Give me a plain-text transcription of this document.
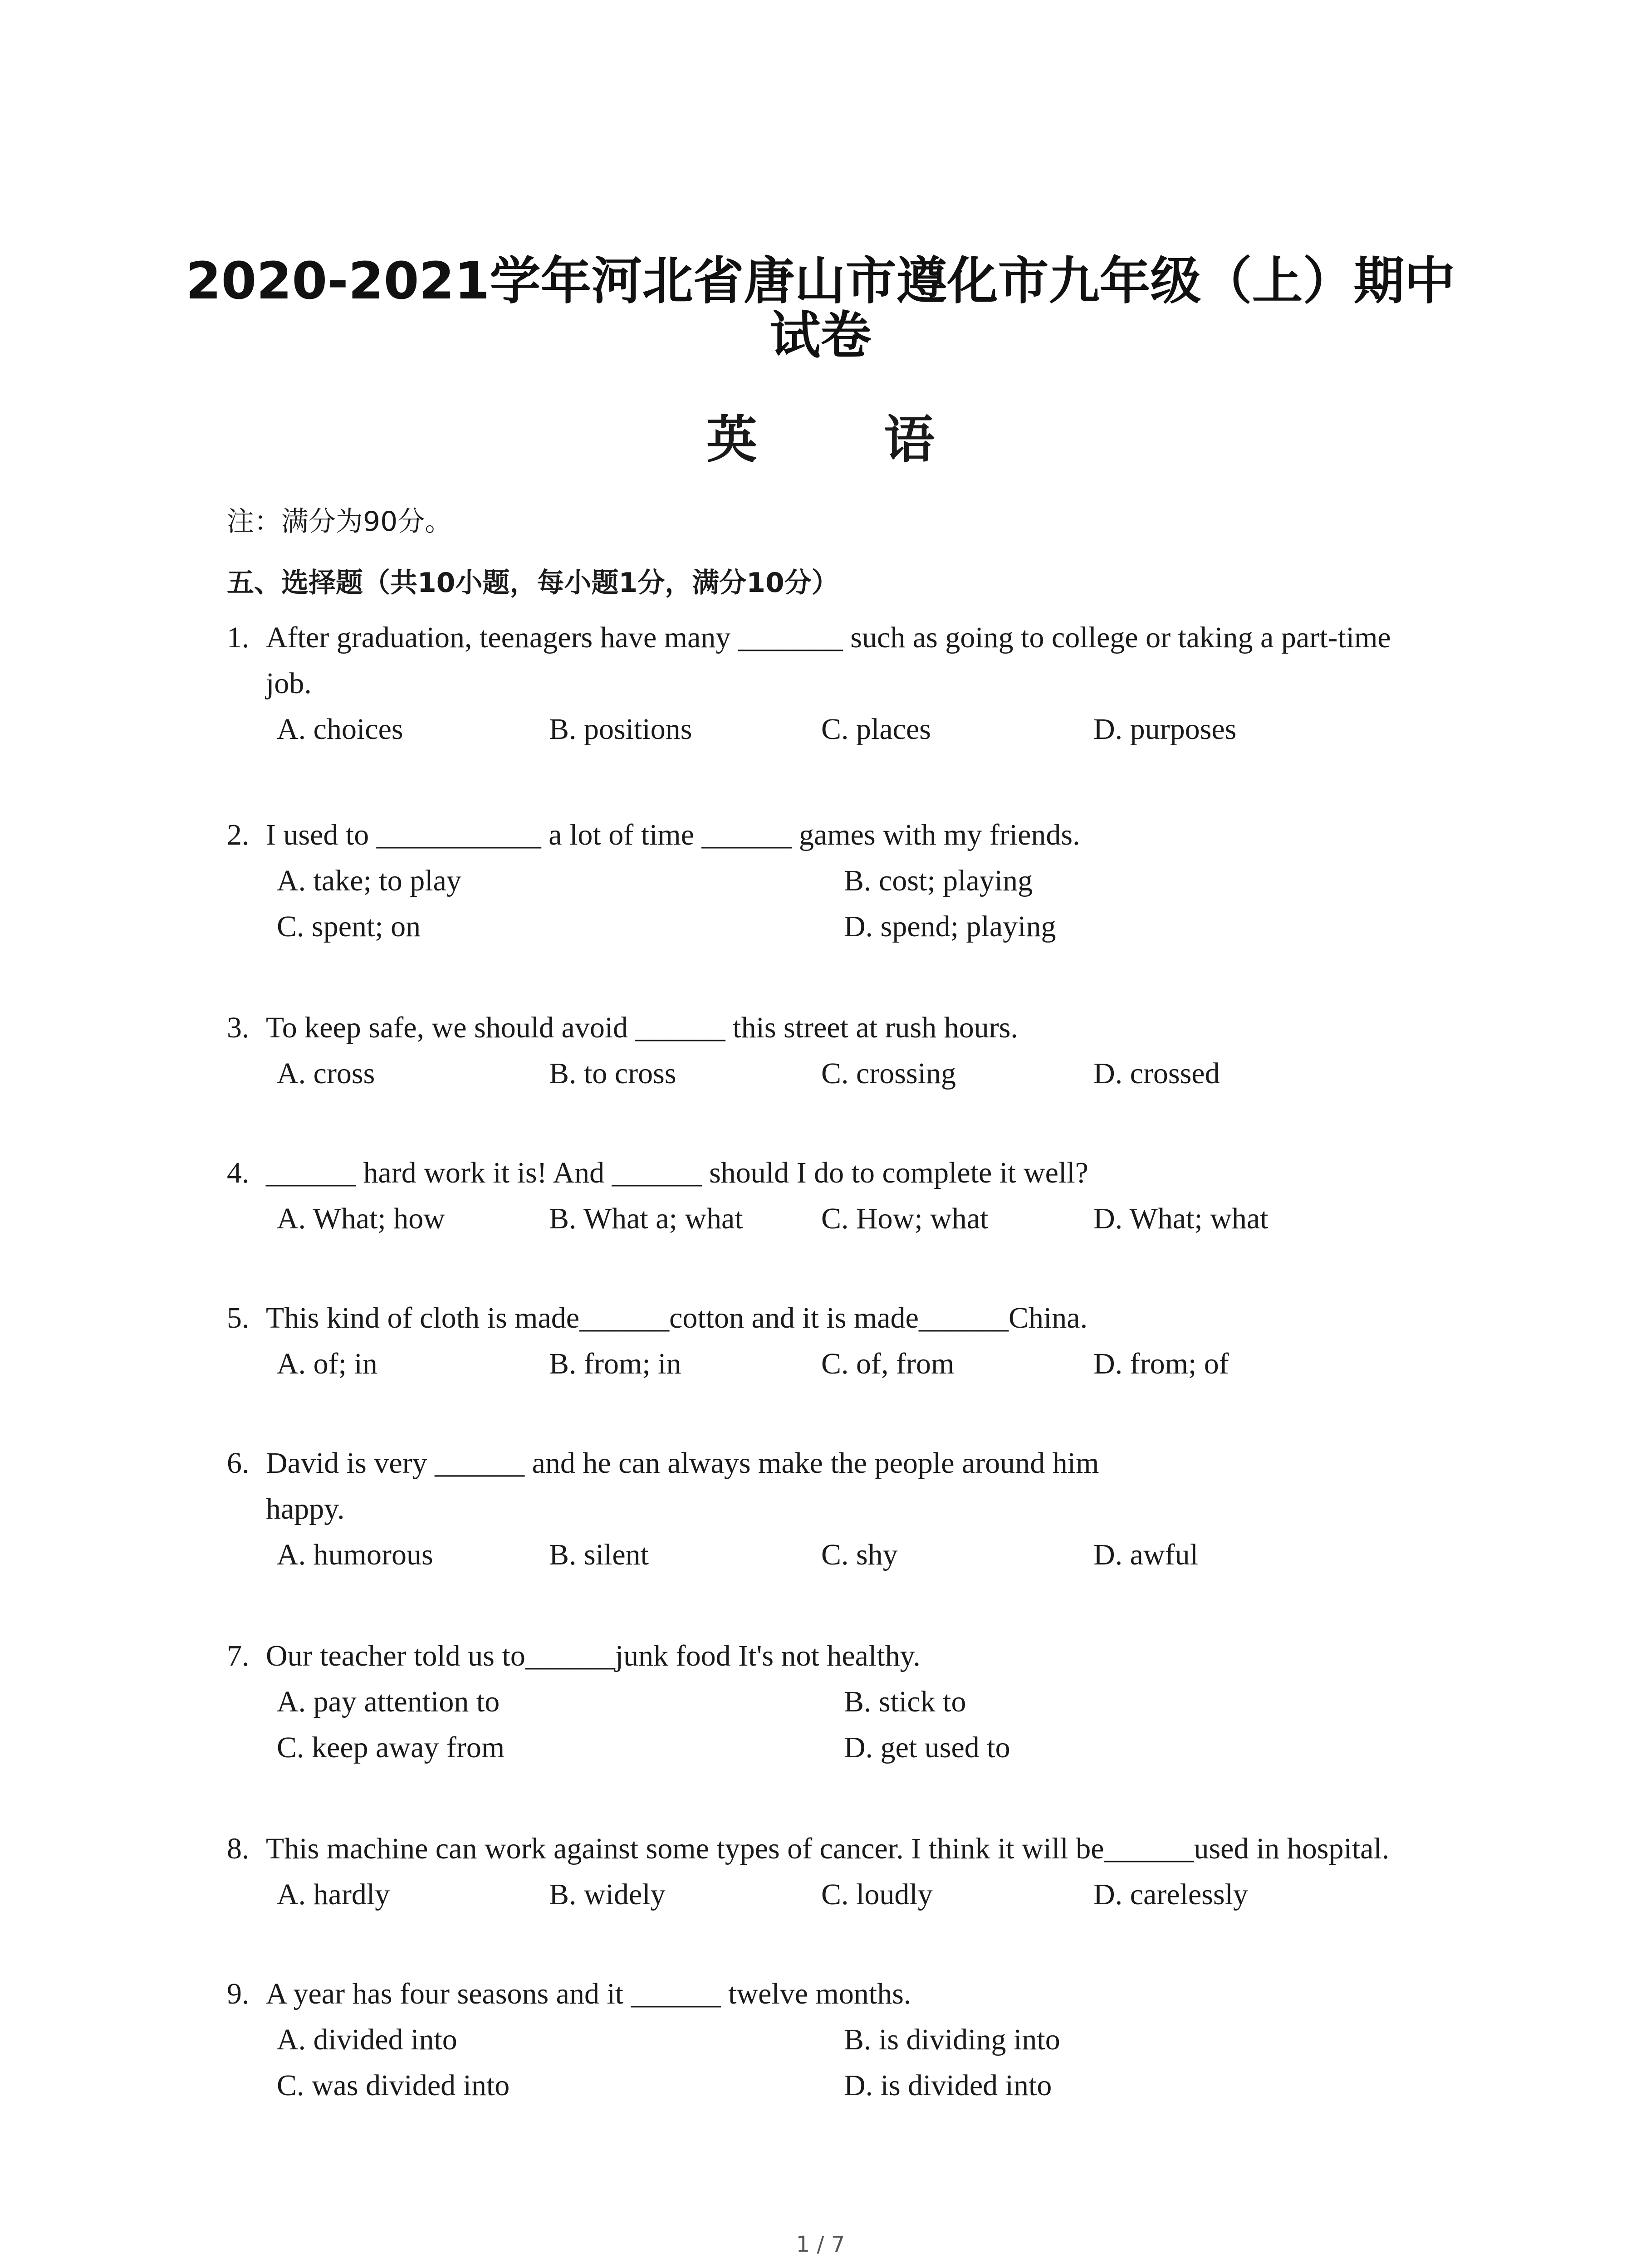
2020-2021学年河北省唐山市遵化市九年级（上）期中
试卷
英 语
注：满分为90分。
五、选择题（共10小题，每小题1分，满分10分）
1. After graduation, teenagers have many _______ such as going to college or taking a part-time job.
A. choices	B. positions	C. places	D. purposes
2. I used to ___________ a lot of time ______ games with my friends.
A. take; to play	B. cost; playing
C. spent; on	D. spend; playing
3. To keep safe, we should avoid ______ this street at rush hours.
A. cross	B. to cross	C. crossing	D. crossed
4. ______ hard work it is! And ______ should I do to complete it well?
A. What; how	B. What a; what	C. How; what	D. What; what
5. This kind of cloth is made______cotton and it is made______China.
A. of; in	B. from; in	C. of, from	D. from; of
6. David is very ______ and he can always make the people around him happy.
A. humorous	B. silent	C. shy	D. awful
7. Our teacher told us to______junk food It's not healthy.
A. pay attention to	B. stick to
C. keep away from	D. get used to
8. This machine can work against some types of cancer. I think it will be______used in hospital.
A. hardly	B. widely	C. loudly	D. carelessly
9. A year has four seasons and it ______ twelve months.
A. divided into	B. is dividing into
C. was divided into	D. is divided into
1 / 7
